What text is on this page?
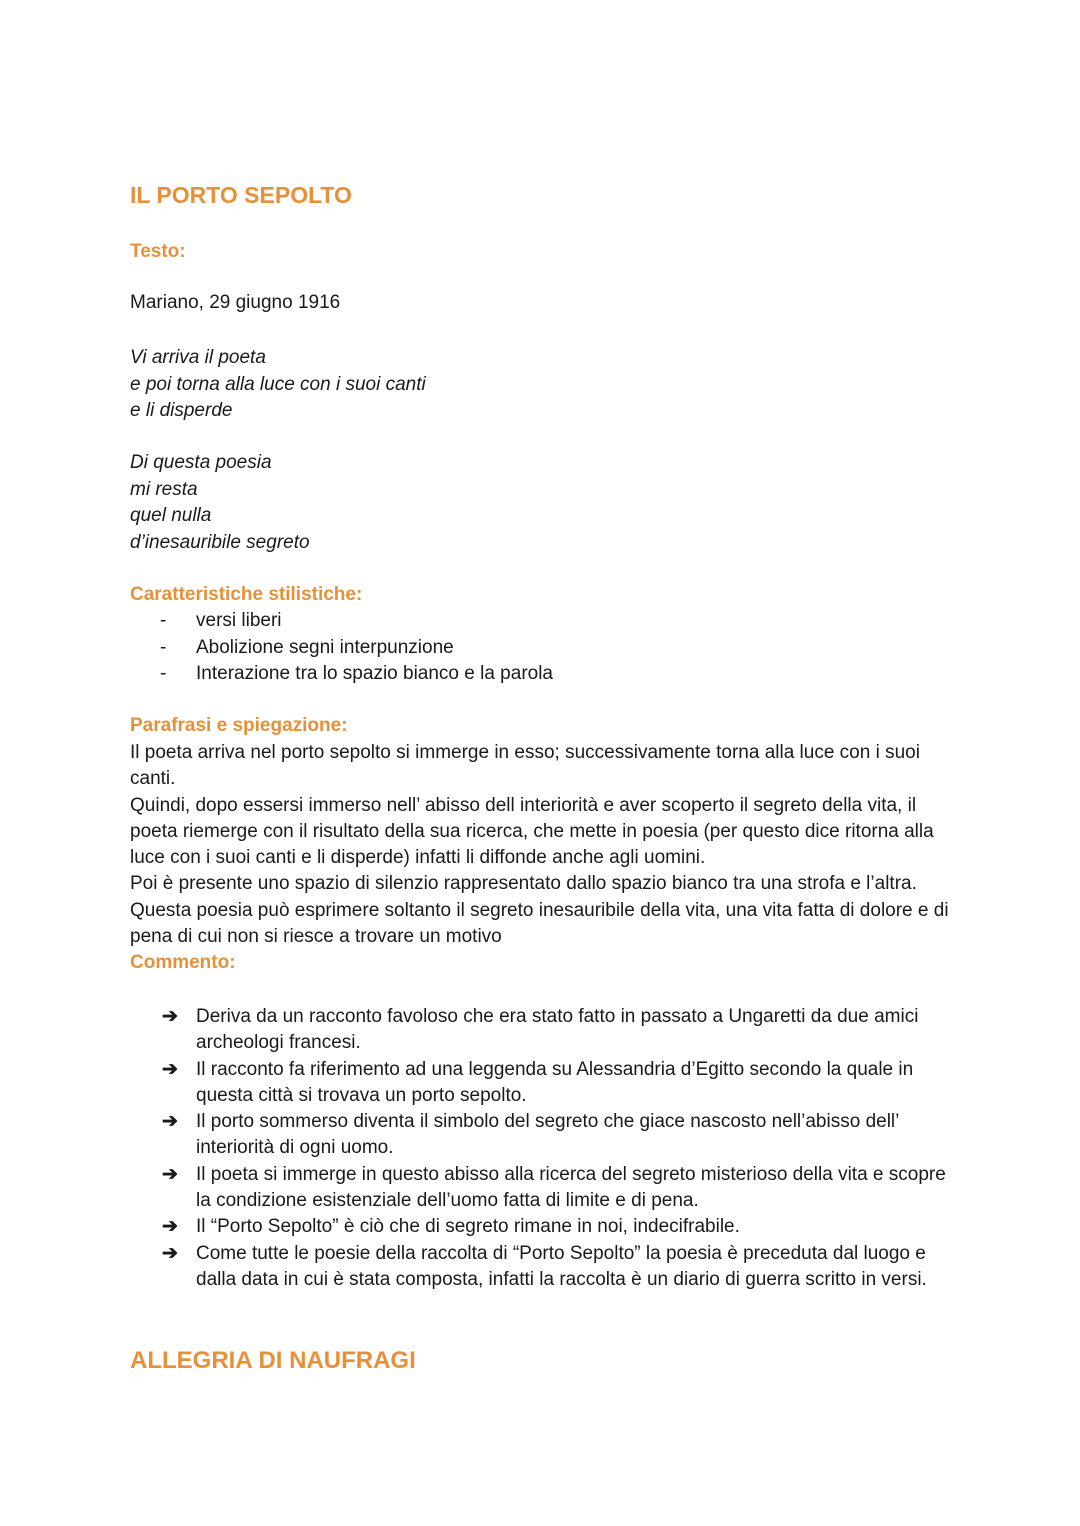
IL PORTO SEPOLTO
Testo:
Mariano, 29 giugno 1916
Vi arriva il poeta
e poi torna alla luce con i suoi canti
e li disperde
Di questa poesia
mi resta
quel nulla
d’inesauribile segreto
Caratteristiche stilistiche:
- versi liberi
- Abolizione segni interpunzione
- Interazione tra lo spazio bianco e la parola
Parafrasi e spiegazione:

Il poeta arriva nel porto sepolto si immerge in esso; successivamente torna alla luce con i suoi canti.

Quindi, dopo essersi immerso nell’ abisso dell interiorità e aver scoperto il segreto della vita, il poeta riemerge con il risultato della sua ricerca, che mette in poesia (per questo dice ritorna alla luce con i suoi canti e li disperde) infatti li diffonde anche agli uomini.

Poi è presente uno spazio di silenzio rappresentato dallo spazio bianco tra una strofa e l’altra.

Questa poesia può esprimere soltanto il segreto inesauribile della vita, una vita fatta di dolore e di pena di cui non si riesce a trovare un motivo

Commento:
➔ Deriva da un racconto favoloso che era stato fatto in passato a Ungaretti da due amici archeologi francesi.
➔ Il racconto fa riferimento ad una leggenda su Alessandria d’Egitto secondo la quale in questa città si trovava un porto sepolto.
➔ Il porto sommerso diventa il simbolo del segreto che giace nascosto nell’abisso dell’ interiorità di ogni uomo.
➔ Il poeta si immerge in questo abisso alla ricerca del segreto misterioso della vita e scopre la condizione esistenziale dell’uomo fatta di limite e di pena.
➔ Il “Porto Sepolto” è ciò che di segreto rimane in noi, indecifrabile.
➔ Come tutte le poesie della raccolta di “Porto Sepolto” la poesia è preceduta dal luogo e dalla data in cui è stata composta, infatti la raccolta è un diario di guerra scritto in versi.
ALLEGRIA DI NAUFRAGI
